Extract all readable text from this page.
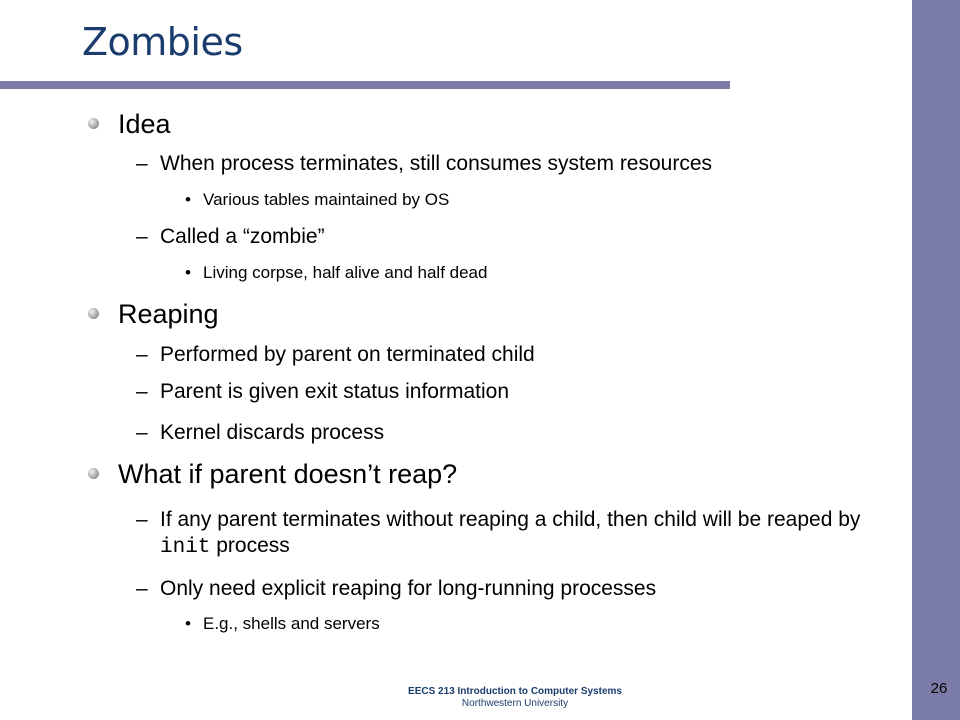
Zombies
Idea
– When process terminates, still consumes system resources
• Various tables maintained by OS
– Called a “zombie”
• Living corpse, half alive and half dead
Reaping
– Performed by parent on terminated child
– Parent is given exit status information
– Kernel discards process
What if parent doesn’t reap?
– If any parent terminates without reaping a child, then child will be reaped by init process
– Only need explicit reaping for long-running processes
• E.g., shells and servers
EECS 213 Introduction to Computer Systems
Northwestern University
26
